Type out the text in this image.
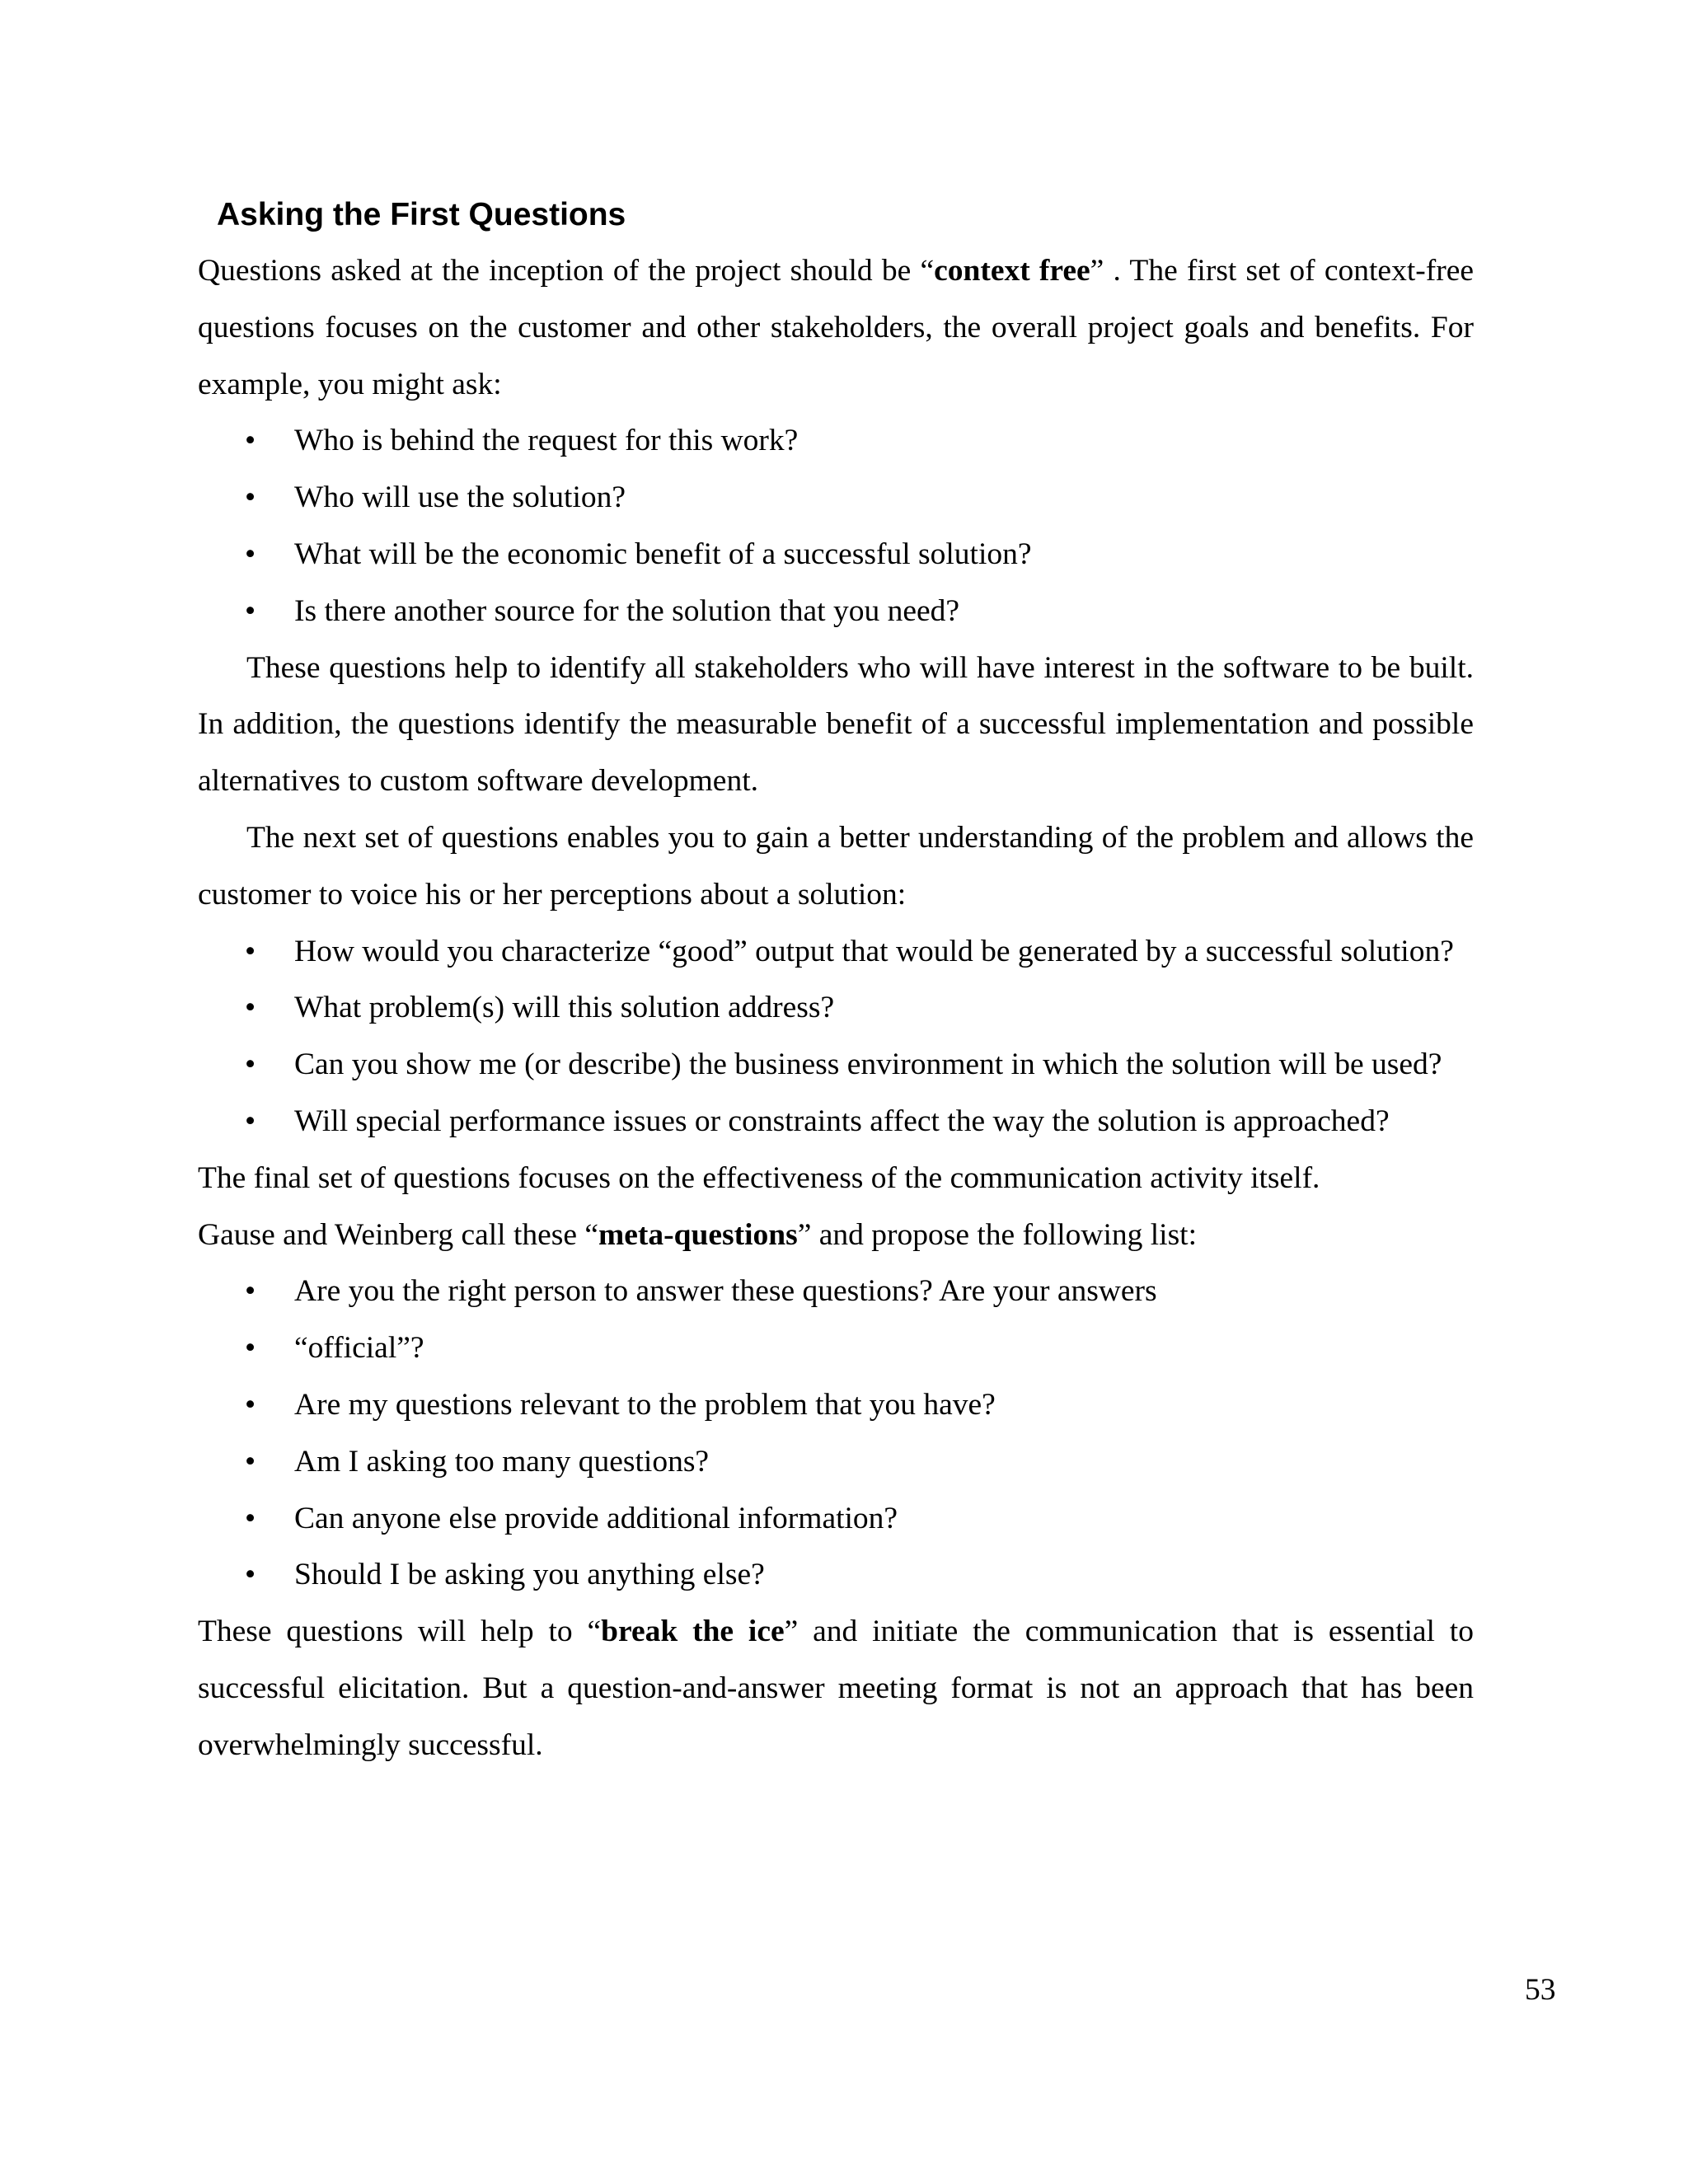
Asking the First Questions

Questions asked at the inception of the project should be “context free” . The first set of context-free questions focuses on the customer and other stakeholders, the overall project goals and benefits. For example, you might ask:

• Who is behind the request for this work?
• Who will use the solution?
• What will be the economic benefit of a successful solution?
• Is there another source for the solution that you need?

These questions help to identify all stakeholders who will have interest in the software to be built. In addition, the questions identify the measurable benefit of a successful implementation and possible alternatives to custom software development.

The next set of questions enables you to gain a better understanding of the problem and allows the customer to voice his or her perceptions about a solution:

• How would you characterize “good” output that would be generated by a successful solution?
• What problem(s) will this solution address?
• Can you show me (or describe) the business environment in which the solution will be used?
• Will special performance issues or constraints affect the way the solution is approached?

The final set of questions focuses on the effectiveness of the communication activity itself.
Gause and Weinberg call these “meta-questions” and propose the following list:

• Are you the right person to answer these questions? Are your answers
• “official”?
• Are my questions relevant to the problem that you have?
• Am I asking too many questions?
• Can anyone else provide additional information?
• Should I be asking you anything else?

These questions will help to “break the ice” and initiate the communication that is essential to successful elicitation. But a question-and-answer meeting format is not an approach that has been overwhelmingly successful.

53
